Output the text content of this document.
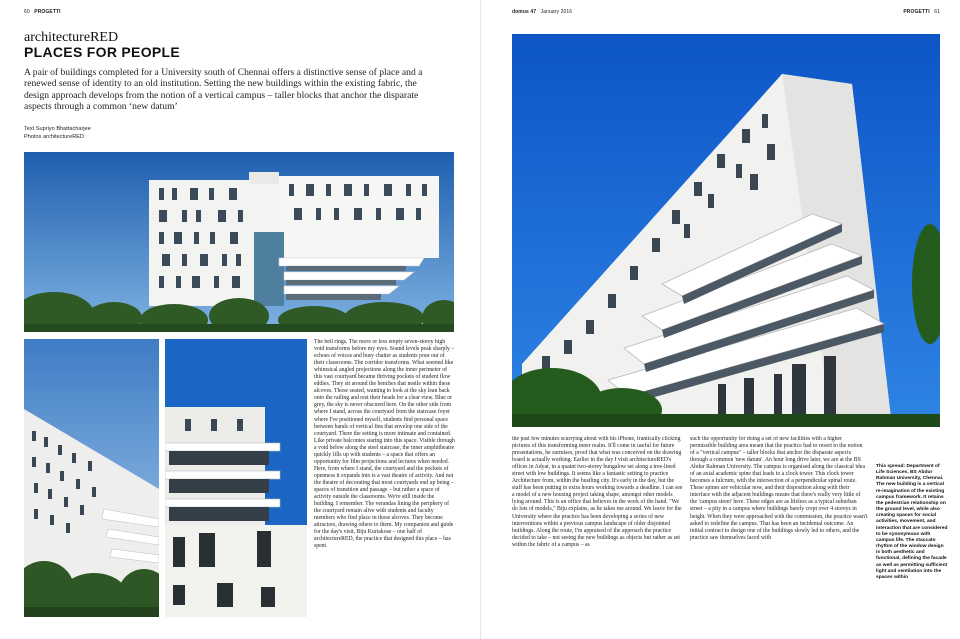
60 PROGETTI
architectureRED
PLACES FOR PEOPLE
A pair of buildings completed for a University south of Chennai offers a distinctive sense of place and a renewed sense of identity to an old institution. Setting the new buildings within the existing fabric, the design approach develops from the notion of a vertical campus – taller blocks that anchor the disparate aspects through a common ‘new datum’
Text Supriyo Bhattacharjee
Photos architectureRED

The bell rings. The more or less empty seven-storey high void transforms before my eyes. Sound levels peak sharply – echoes of voices and busy chatter as students pour out of their classrooms. The corridor transforms. What seemed like whimsical angled projections along the inner perimeter of this vast courtyard became thriving pockets of student flow eddies. They sit around the benches that nestle within these alcoves. Those seated, wanting to look at the sky lean back onto the railing and rest their heads for a clear view. Blue or grey, the sky is never obscured here. On the other side from where I stand, across the courtyard from the staircase foyer where I've positioned myself, students find personal space between bands of vertical fins that envelop one side of the courtyard. There the setting is more intimate and contained. Like private balconies staring into this space. Visible through a void below along the steel staircase, the inner amphitheatre quickly fills up with students – a space that offers an opportunity for film projections and lectures when needed. Here, from where I stand, the courtyard and the pockets of openness it expands into is a vast theatre of activity. And not the theatre of decorating that most courtyards end up being – spaces of transition and passage – but rather a space of activity outside the classrooms. We're still inside the building. I remember. The verandas lining the periphery of the courtyard remain alive with students and faculty members who find place in those alcoves. They become attractors, drawing others to them. My companion and guide for the day's visit, Biju Kuriakose – one half of architectureRED, the practice that designed this place – has spent

domus 47 January 2016	PROGETTI 61

the past few minutes scurrying about with his iPhone, frantically clicking pictures of this transforming inner realm. It'll come in useful for future presentations, he surmises, proof that what was conceived on the drawing board is actually working. Earlier in the day I visit architectureRED's offices in Adyar, in a quaint two-storey bungalow set along a tree-lined street with low buildings. It seems like a fantastic setting to practice Architecture from, within the bustling city. It's early in the day, but the staff has been putting in extra hours working towards a deadline. I can see a model of a new housing project taking shape, amongst other models lying around. This is an office that believes in the work of the hand. "We do lots of models," Biju explains, as he takes me around. We leave for the University where the practice has been developing a series of new interventions within a previous campus landscape of older disjointed buildings. Along the route, I'm appraised of the approach the practice decided to take – not seeing the new buildings as objects but rather as set within the fabric of a campus – as

such the opportunity for doing a set of new facilities with a higher permissible building area meant that the practice had to resort to the notion of a "vertical campus" – taller blocks that anchor the disparate aspects through a common 'new datum'. An hour long drive later, we are at the BS Abdur Rahman University. The campus is organised along the classical idea of an axial academic spine that leads to a clock tower. This clock tower becomes a fulcrum, with the intersection of a perpendicular spinal route. These spines are vehicular now, and their disposition along with their interface with the adjacent buildings means that there's really very little of the 'campus street' here. These edges are as lifeless as a typical suburban street – a pity in a campus where buildings barely crept over 4 storeys in height. When they were approached with the commission, the practice wasn't asked to redefine the campus. That has been an incidental outcome. An initial contract to design one of the buildings slowly led to others, and the practice saw themselves faced with

This spread: Department of Life Sciences, BS Abdur Rahman University, Chennai. The new building is a vertical re-imagination of the existing campus framework. It retains the pedestrian relationship on the ground level, while also creating spaces for social activities, movement, and interaction that are considered to be synonymous with campus life. The staccato rhythm of the window design is both aesthetic and functional, defining the facade as well as permitting sufficient light and ventilation into the spaces within
